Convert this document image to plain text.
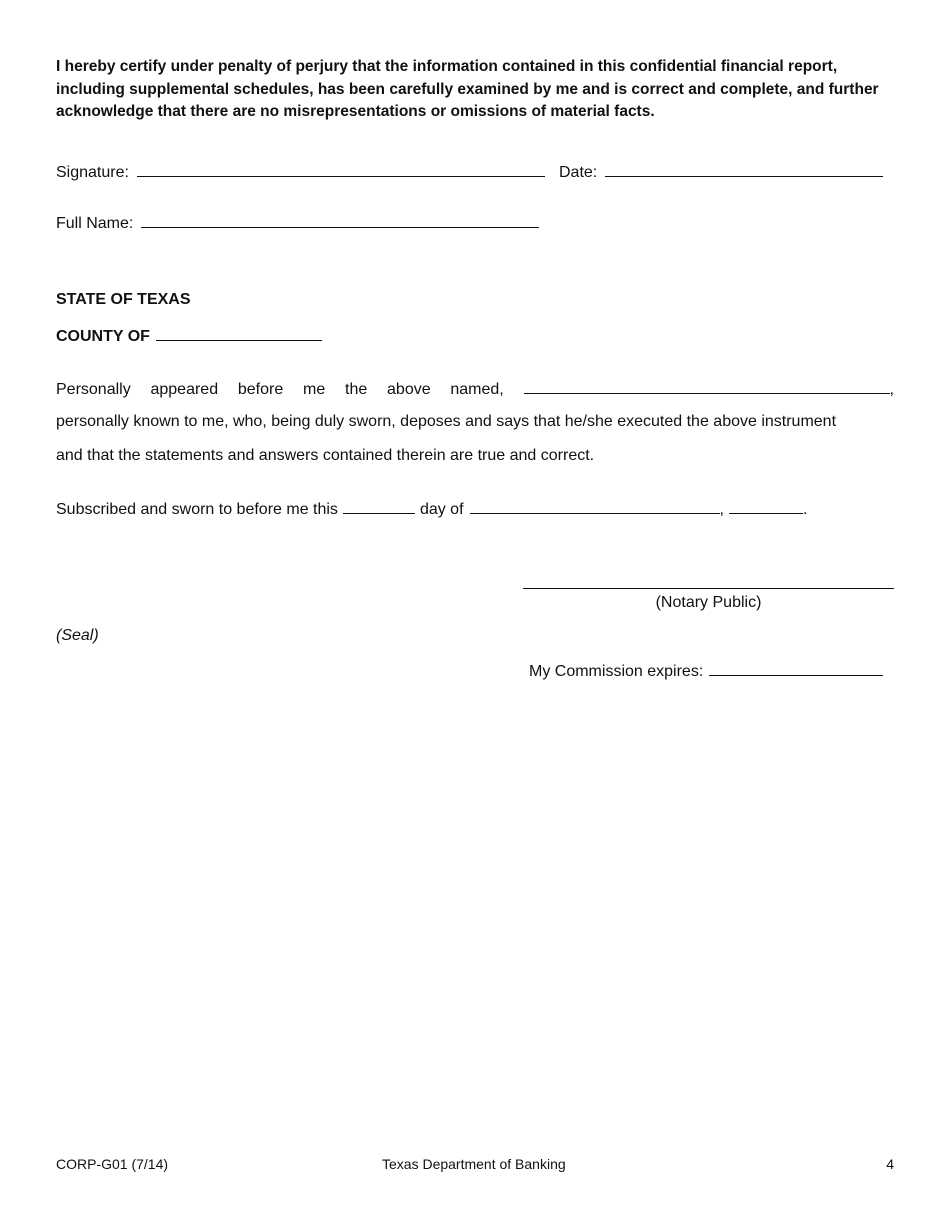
I hereby certify under penalty of perjury that the information contained in this confidential financial report, including supplemental schedules, has been carefully examined by me and is correct and complete, and further acknowledge that there are no misrepresentations or omissions of material facts.
Signature:	Date:
Full Name:
STATE OF TEXAS
COUNTY OF
Personally appeared before me the above named,	,
personally known to me, who, being duly sworn, deposes and says that he/she executed the above instrument
and that the statements and answers contained therein are true and correct.
Subscribed and sworn to before me this	day of	,	.
(Notary Public)
(Seal)
My Commission expires:
CORP-G01 (7/14)	Texas Department of Banking	4
